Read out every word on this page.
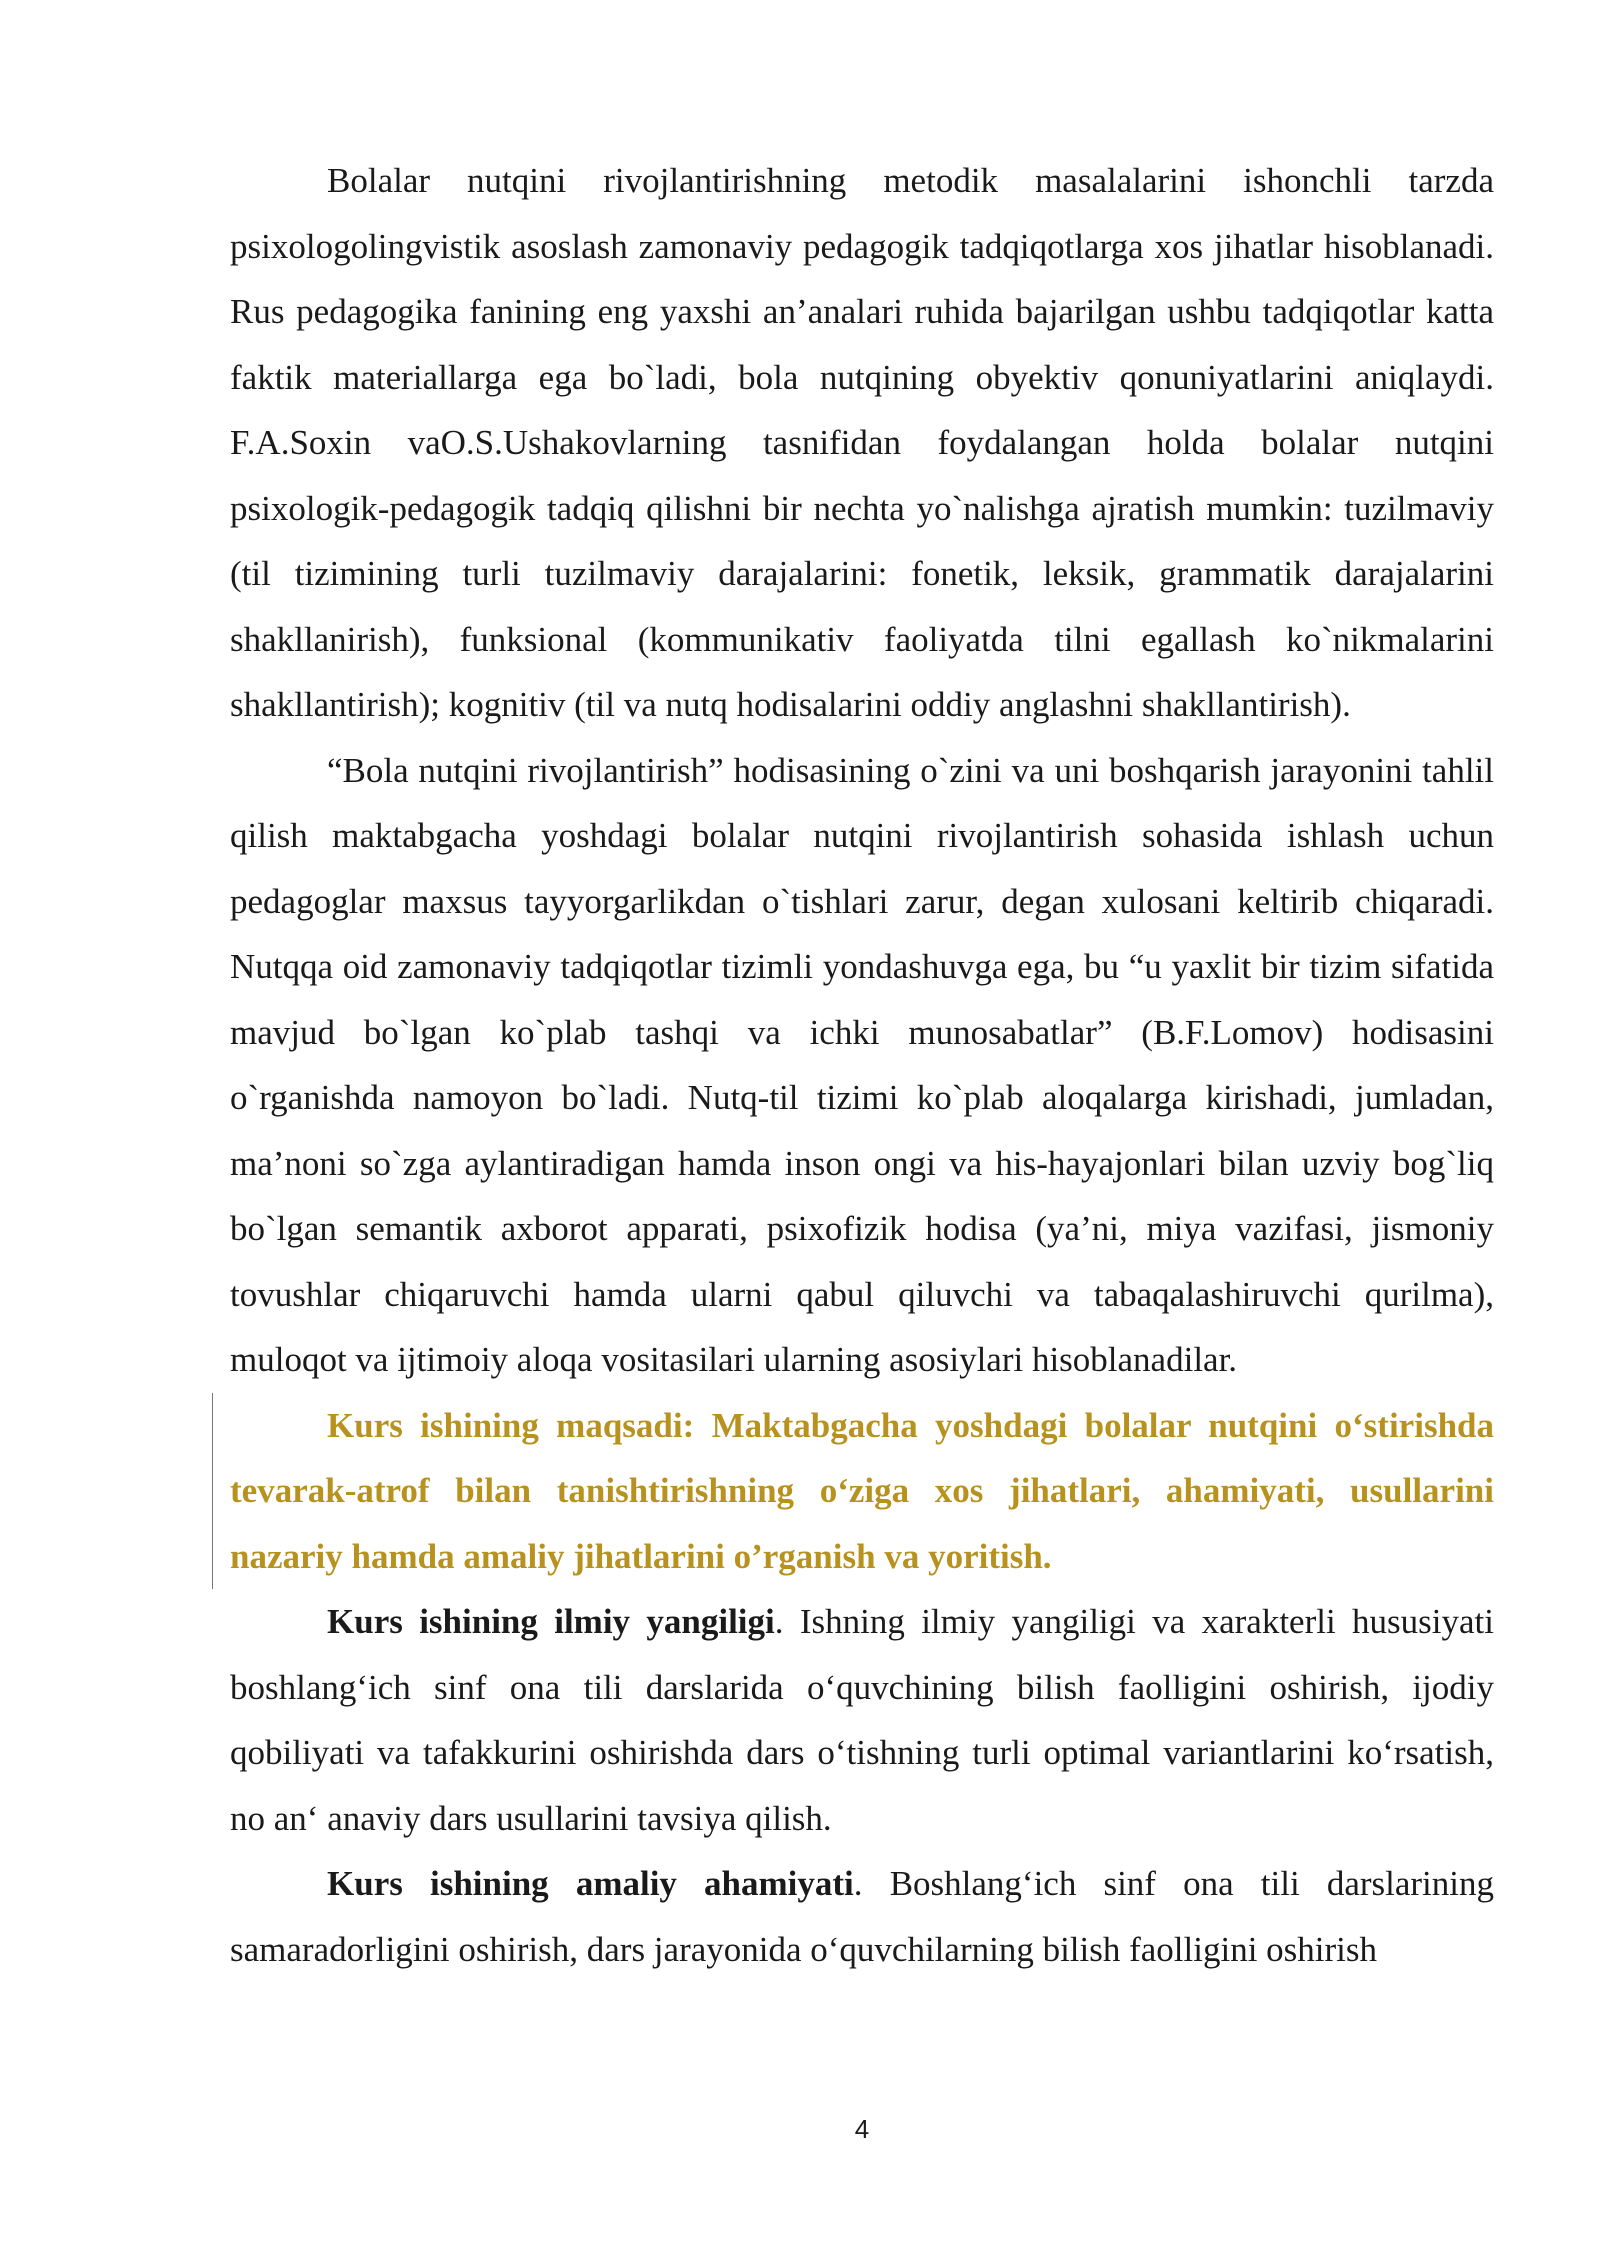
Bolalar nutqini rivojlantirishning metodik masalalarini ishonchli tarzda psixologolingvistik asoslash zamonaviy pedagogik tadqiqotlarga xos jihatlar hisoblanadi. Rus pedagogika fanining eng yaxshi an’analari ruhida bajarilgan ushbu tadqiqotlar katta faktik materiallarga ega bo`ladi, bola nutqining obyektiv qonuniyatlarini aniqlaydi. F.A.Soxin vaO.S.Ushakovlarning tasnifidan foydalangan holda bolalar nutqini psixologik-pedagogik tadqiq qilishni bir nechta yo`nalishga ajratish mumkin: tuzilmaviy (til tizimining turli tuzilmaviy darajalarini: fonetik, leksik, grammatik darajalarini shakllanirish), funksional (kommunikativ faoliyatda tilni egallash ko`nikmalarini shakllantirish); kognitiv (til va nutq hodisalarini oddiy anglashni shakllantirish).

“Bola nutqini rivojlantirish” hodisasining o`zini va uni boshqarish jarayonini tahlil qilish maktabgacha yoshdagi bolalar nutqini rivojlantirish sohasida ishlash uchun pedagoglar maxsus tayyorgarlikdan o`tishlari zarur, degan xulosani keltirib chiqaradi. Nutqqa oid zamonaviy tadqiqotlar tizimli yondashuvga ega, bu “u yaxlit bir tizim sifatida mavjud bo`lgan ko`plab tashqi va ichki munosabatlar” (B.F.Lomov) hodisasini o`rganishda namoyon bo`ladi. Nutq-til tizimi ko`plab aloqalarga kirishadi, jumladan, ma’noni so`zga aylantiradigan hamda inson ongi va his-hayajonlari bilan uzviy bog`liq bo`lgan semantik axborot apparati, psixofizik hodisa (ya’ni, miya vazifasi, jismoniy tovushlar chiqaruvchi hamda ularni qabul qiluvchi va tabaqalashiruvchi qurilma), muloqot va ijtimoiy aloqa vositasilari ularning asosiylari hisoblanadilar.

Kurs ishining maqsadi: Maktabgacha yoshdagi bolalar nutqini o‘stirishda tevarak-atrof bilan tanishtirishning o‘ziga xos jihatlari, ahamiyati, usullarini nazariy hamda amaliy jihatlarini o’rganish va yoritish.

Kurs ishining ilmiy yangiligi. Ishning ilmiy yangiligi va xarakterli hususiyati boshlang‘ich sinf ona tili darslarida o‘quvchining bilish faolligini oshirish, ijodiy qobiliyati va tafakkurini oshirishda dars o‘tishning turli optimal variantlarini ko‘rsatish, no an‘ anaviy dars usullarini tavsiya qilish.

Kurs ishining amaliy ahamiyati. Boshlang‘ich sinf ona tili darslarining samaradorligini oshirish, dars jarayonida o‘quvchilarning bilish faolligini oshirish

4
